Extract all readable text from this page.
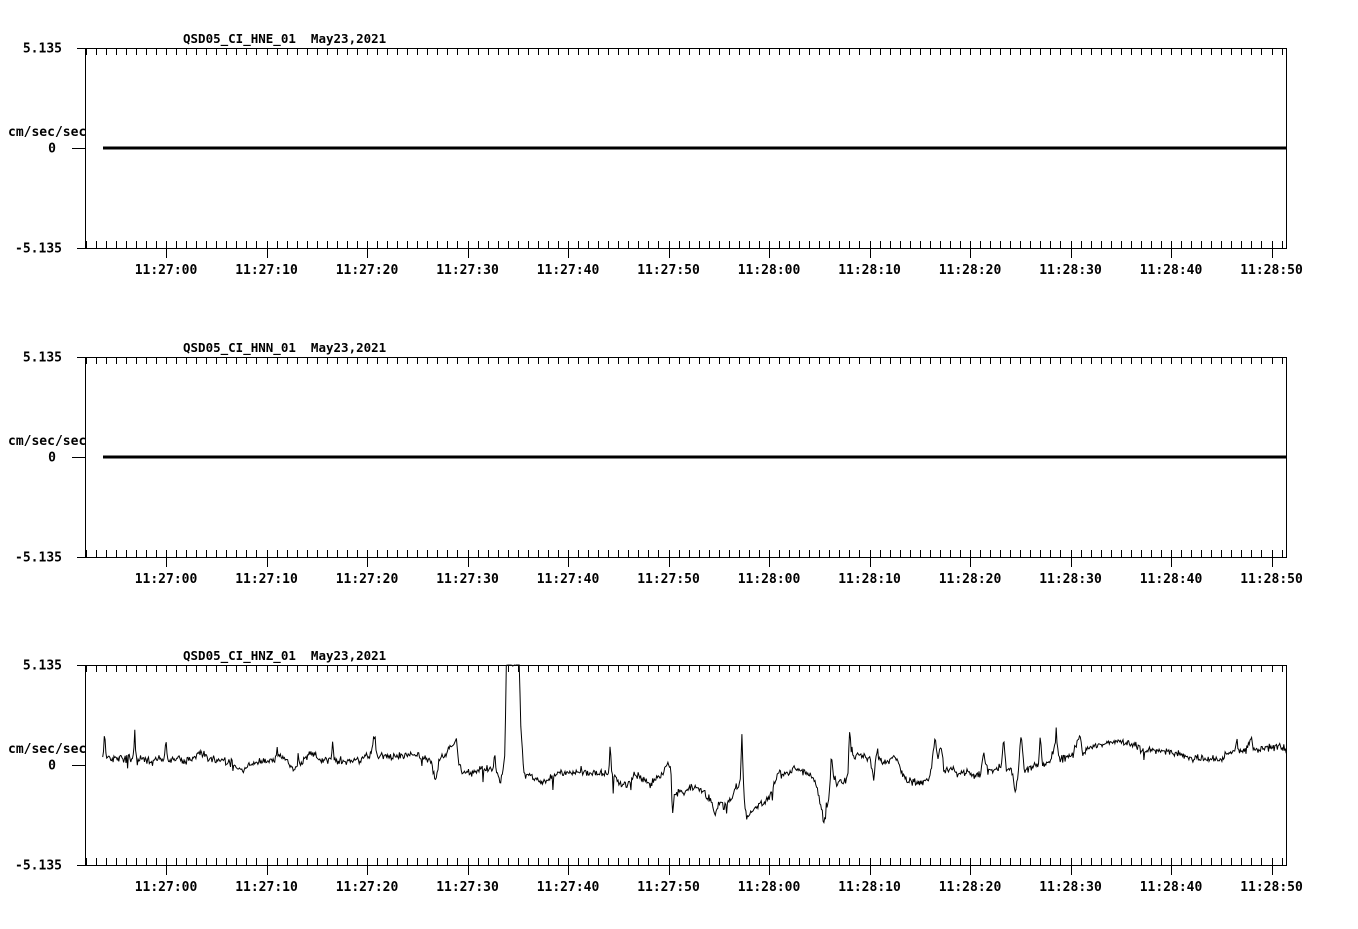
QSD05_CI_HNE_01  May23,2021
5.135
0
-5.135
cm/sec/sec
11:27:00	11:27:10	11:27:20	11:27:30	11:27:40	11:27:50	11:28:00	11:28:10	11:28:20	11:28:30	11:28:40	11:28:50
QSD05_CI_HNN_01  May23,2021
5.135
0
-5.135
cm/sec/sec
11:27:00	11:27:10	11:27:20	11:27:30	11:27:40	11:27:50	11:28:00	11:28:10	11:28:20	11:28:30	11:28:40	11:28:50
QSD05_CI_HNZ_01  May23,2021
5.135
0
-5.135
cm/sec/sec
11:27:00	11:27:10	11:27:20	11:27:30	11:27:40	11:27:50	11:28:00	11:28:10	11:28:20	11:28:30	11:28:40	11:28:50
